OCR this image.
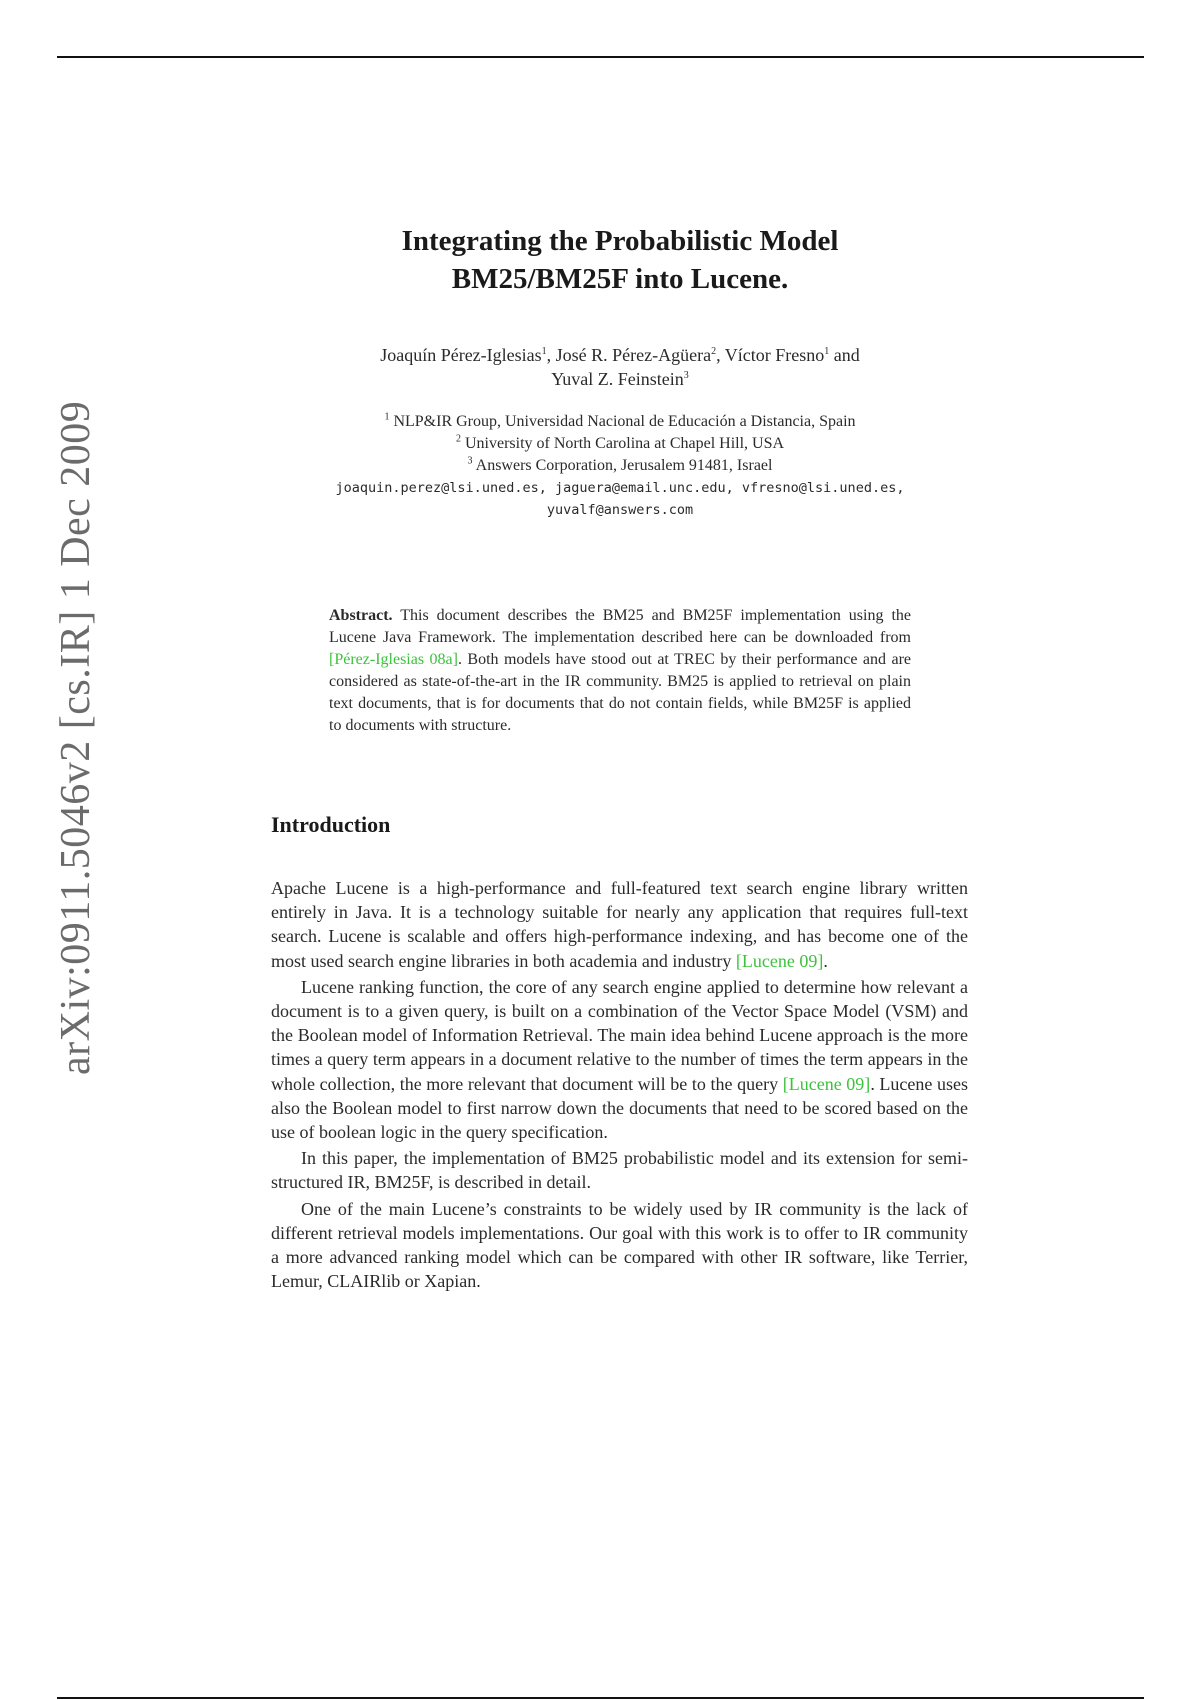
arXiv:0911.5046v2 [cs.IR] 1 Dec 2009
Integrating the Probabilistic Model
BM25/BM25F into Lucene.
Joaquín Pérez-Iglesias$^1$, José R. Pérez-Agüera$^2$, Víctor Fresno$^1$ and
Yuval Z. Feinstein$^3$
$^1$ NLP&IR Group, Universidad Nacional de Educación a Distancia, Spain
$^2$ University of North Carolina at Chapel Hill, USA
$^3$ Answers Corporation, Jerusalem 91481, Israel
joaquin.perez@lsi.uned.es, jaguera@email.unc.edu, vfresno@lsi.uned.es,
yuvalf@answers.com
Abstract. This document describes the BM25 and BM25F implementation using the Lucene Java Framework. The implementation described here can be downloaded from [Pérez-Iglesias 08a]. Both models have stood out at TREC by their performance and are considered as state-of-the-art in the IR community. BM25 is applied to retrieval on plain text documents, that is for documents that do not contain fields, while BM25F is applied to documents with structure.
Introduction

Apache Lucene is a high-performance and full-featured text search engine library written entirely in Java. It is a technology suitable for nearly any application that requires full-text search. Lucene is scalable and offers high-performance indexing, and has become one of the most used search engine libraries in both academia and industry [Lucene 09].

Lucene ranking function, the core of any search engine applied to determine how relevant a document is to a given query, is built on a combination of the Vector Space Model (VSM) and the Boolean model of Information Retrieval. The main idea behind Lucene approach is the more times a query term appears in a document relative to the number of times the term appears in the whole collection, the more relevant that document will be to the query [Lucene 09]. Lucene uses also the Boolean model to first narrow down the documents that need to be scored based on the use of boolean logic in the query specification.

In this paper, the implementation of BM25 probabilistic model and its extension for semi-structured IR, BM25F, is described in detail.

One of the main Lucene’s constraints to be widely used by IR community is the lack of different retrieval models implementations. Our goal with this work is to offer to IR community a more advanced ranking model which can be compared with other IR software, like Terrier, Lemur, CLAIRlib or Xapian.
